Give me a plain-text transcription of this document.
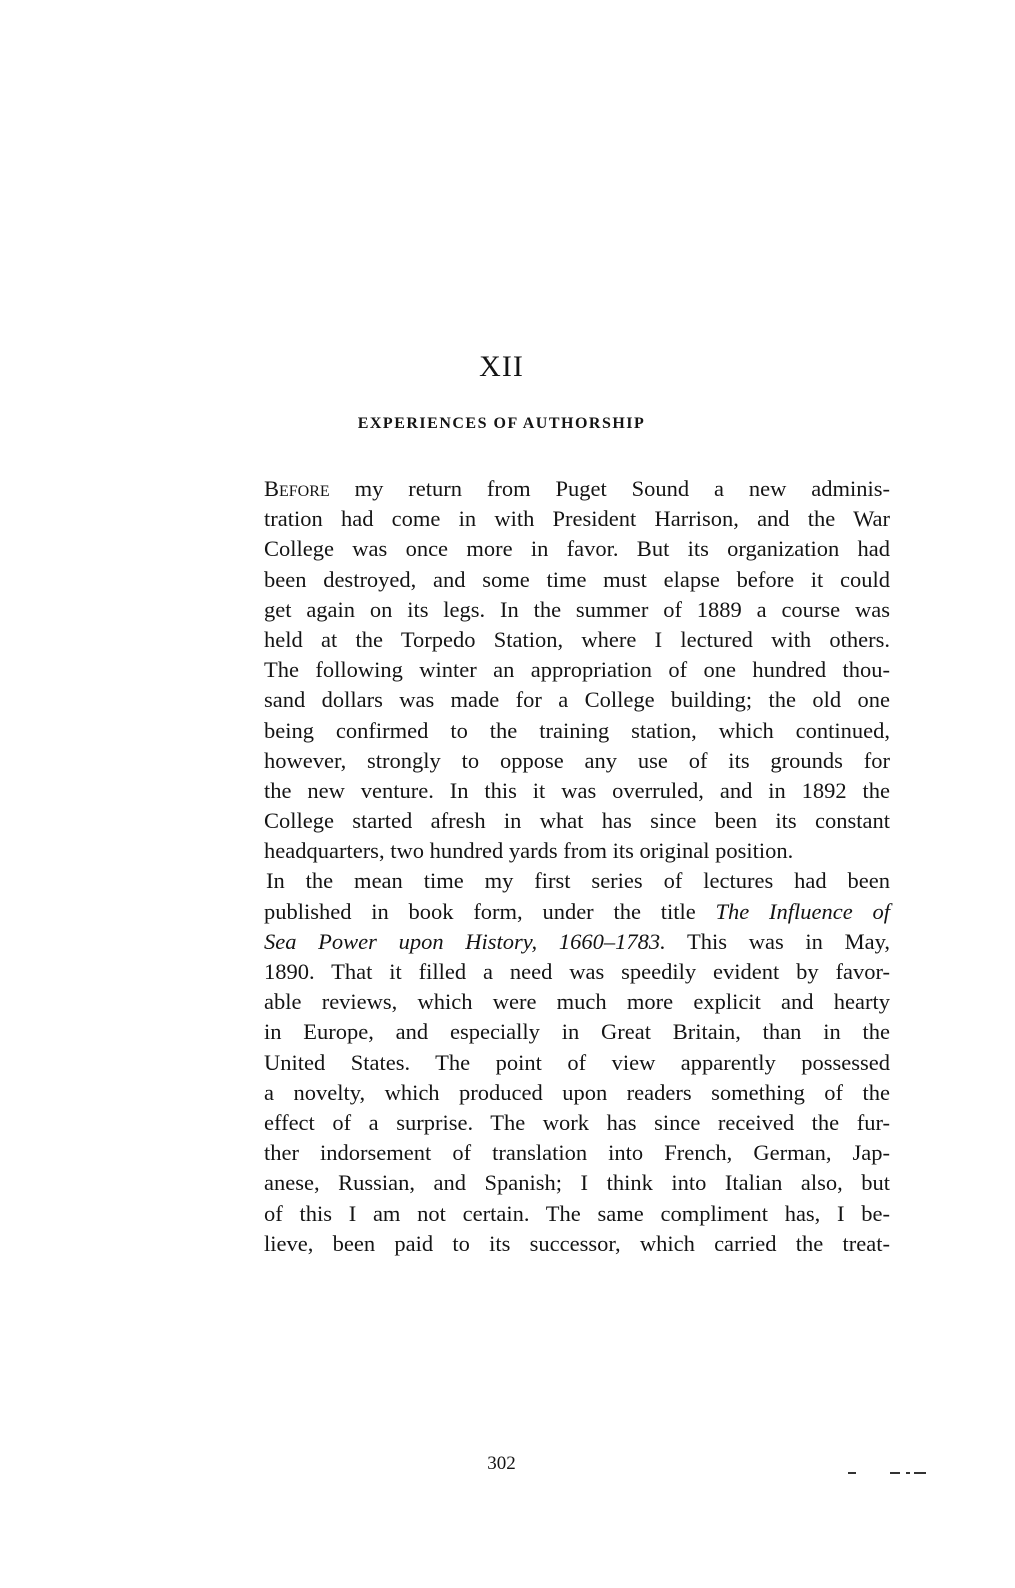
XII
EXPERIENCES OF AUTHORSHIP
Before my return from Puget Sound a new adminis-
tration had come in with President Harrison, and the War
College was once more in favor. But its organization had
been destroyed, and some time must elapse before it could
get again on its legs. In the summer of 1889 a course was
held at the Torpedo Station, where I lectured with others.
The following winter an appropriation of one hundred thou-
sand dollars was made for a College building; the old one
being confirmed to the training station, which continued,
however, strongly to oppose any use of its grounds for
the new venture. In this it was overruled, and in 1892 the
College started afresh in what has since been its constant
headquarters, two hundred yards from its original position.
In the mean time my first series of lectures had been
published in book form, under the title The Influence of
Sea Power upon History, 1660–1783. This was in May,
1890. That it filled a need was speedily evident by favor-
able reviews, which were much more explicit and hearty
in Europe, and especially in Great Britain, than in the
United States. The point of view apparently possessed
a novelty, which produced upon readers something of the
effect of a surprise. The work has since received the fur-
ther indorsement of translation into French, German, Jap-
anese, Russian, and Spanish; I think into Italian also, but
of this I am not certain. The same compliment has, I be-
lieve, been paid to its successor, which carried the treat-
302
